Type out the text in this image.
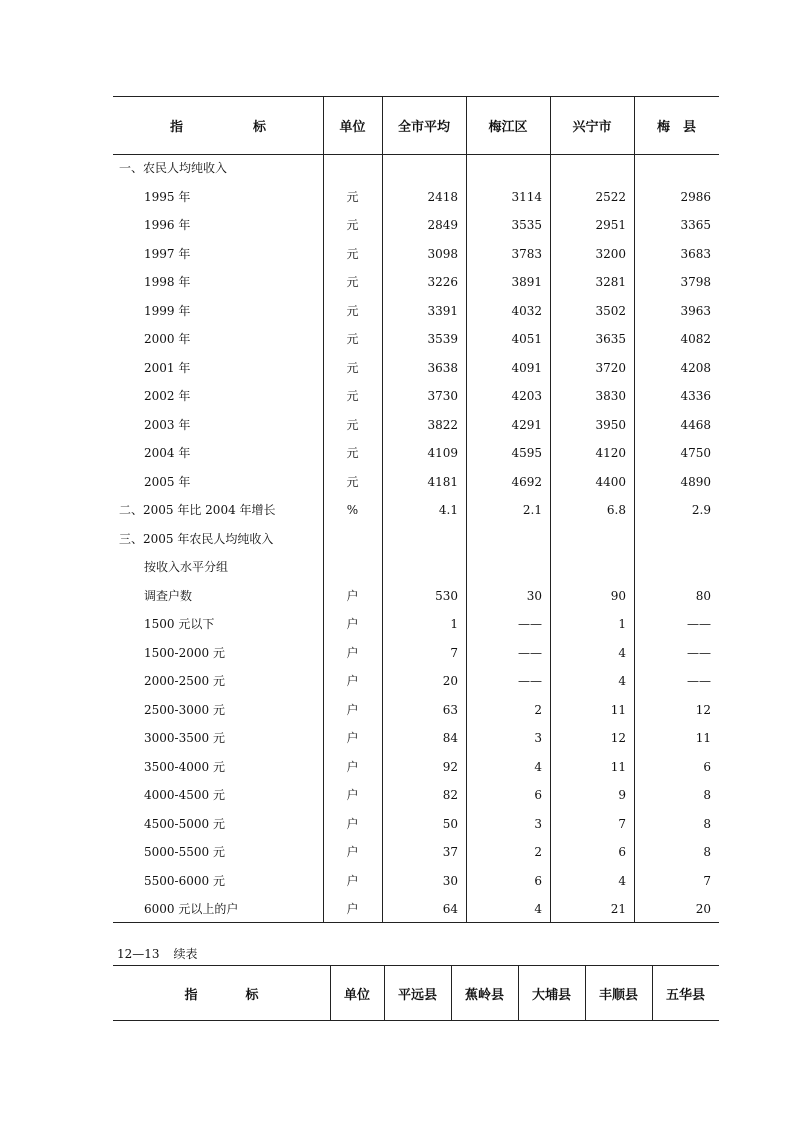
指	标	单位	全市平均	梅江区	兴宁市	梅　县
一、农民人均纯收入
1995 年	元	2418	3114	2522	2986
1996 年	元	2849	3535	2951	3365
1997 年	元	3098	3783	3200	3683
1998 年	元	3226	3891	3281	3798
1999 年	元	3391	4032	3502	3963
2000 年	元	3539	4051	3635	4082
2001 年	元	3638	4091	3720	4208
2002 年	元	3730	4203	3830	4336
2003 年	元	3822	4291	3950	4468
2004 年	元	4109	4595	4120	4750
2005 年	元	4181	4692	4400	4890
二、2005 年比 2004 年增长	%	4.1	2.1	6.8	2.9
三、2005 年农民人均纯收入
按收入水平分组
调查户数	户	530	30	90	80
1500 元以下	户	1	——	1	——
1500-2000 元	户	7	——	4	——
2000-2500 元	户	20	——	4	——
2500-3000 元	户	63	2	11	12
3000-3500 元	户	84	3	12	11
3500-4000 元	户	92	4	11	6
4000-4500 元	户	82	6	9	8
4500-5000 元	户	50	3	7	8
5000-5500 元	户	37	2	6	8
5500-6000 元	户	30	6	4	7
6000 元以上的户	户	64	4	21	20
12—13 续表
指	标	单位	平远县	蕉岭县	大埔县	丰顺县	五华县
